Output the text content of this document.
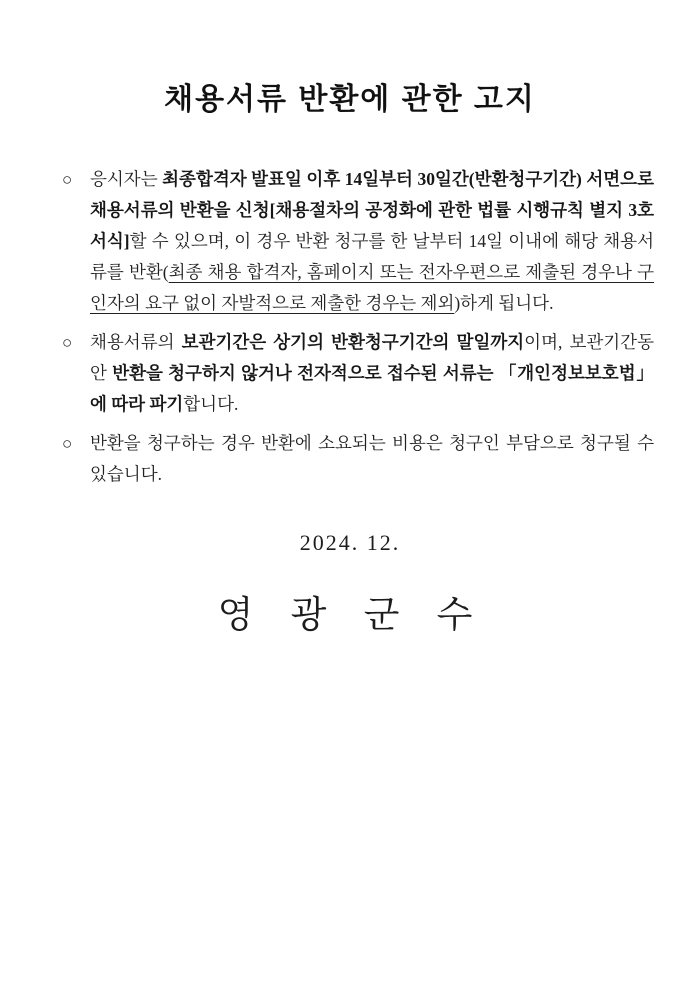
채용서류 반환에 관한 고지
○ 응시자는 최종합격자 발표일 이후 14일부터 30일간(반환청구기간) 서면으로 채용서류의 반환을 신청[채용절차의 공정화에 관한 법률 시행규칙 별지 3호서식]할 수 있으며, 이 경우 반환 청구를 한 날부터 14일 이내에 해당 채용서류를 반환(최종 채용 합격자, 홈페이지 또는 전자우편으로 제출된 경우나 구인자의 요구 없이 자발적으로 제출한 경우는 제외)하게 됩니다.
○ 채용서류의 보관기간은 상기의 반환청구기간의 말일까지이며, 보관기간동안 반환을 청구하지 않거나 전자적으로 접수된 서류는 「개인정보보호법」에 따라 파기합니다.
○ 반환을 청구하는 경우 반환에 소요되는 비용은 청구인 부담으로 청구될 수 있습니다.
2024. 12.
영 광 군 수
